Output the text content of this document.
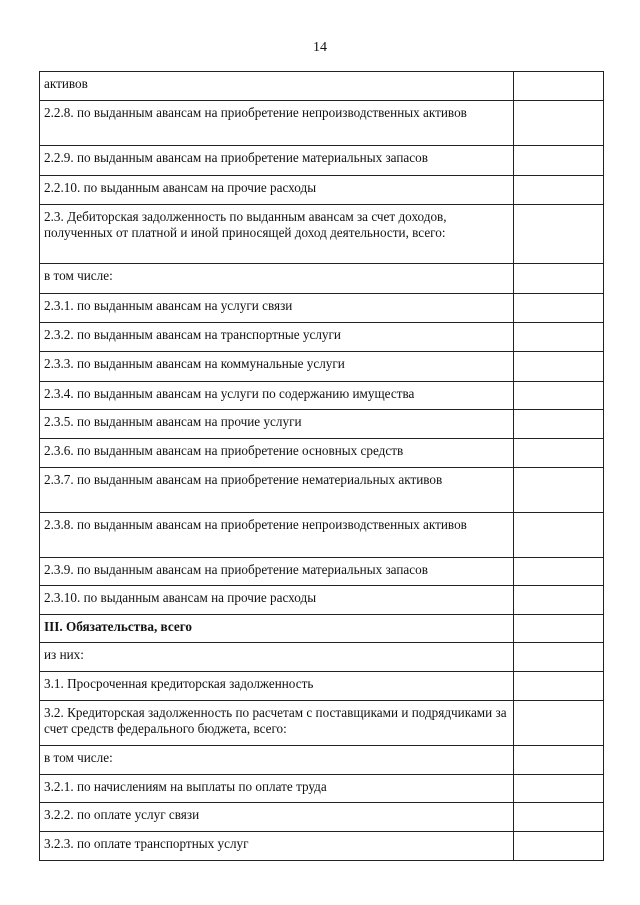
14
активов	
2.2.8. по выданным авансам на приобретение непроизводственных активов	
2.2.9. по выданным авансам на приобретение материальных запасов	
2.2.10. по выданным авансам на прочие расходы	
2.3. Дебиторская задолженность по выданным авансам за счет доходов, полученных от платной и иной приносящей доход деятельности, всего:	
в том числе:	
2.3.1. по выданным авансам на услуги связи	
2.3.2. по выданным авансам на транспортные услуги	
2.3.3. по выданным авансам на коммунальные услуги	
2.3.4. по выданным авансам на услуги по содержанию имущества	
2.3.5. по выданным авансам на прочие услуги	
2.3.6. по выданным авансам на приобретение основных средств	
2.3.7. по выданным авансам на приобретение нематериальных активов	
2.3.8. по выданным авансам на приобретение непроизводственных активов	
2.3.9. по выданным авансам на приобретение материальных запасов	
2.3.10. по выданным авансам на прочие расходы	
III. Обязательства, всего	
из них:	
3.1. Просроченная кредиторская задолженность	
3.2. Кредиторская задолженность по расчетам с поставщиками и подрядчиками за счет средств федерального бюджета, всего:	
в том числе:	
3.2.1. по начислениям на выплаты по оплате труда	
3.2.2. по оплате услуг связи	
3.2.3. по оплате транспортных услуг	
